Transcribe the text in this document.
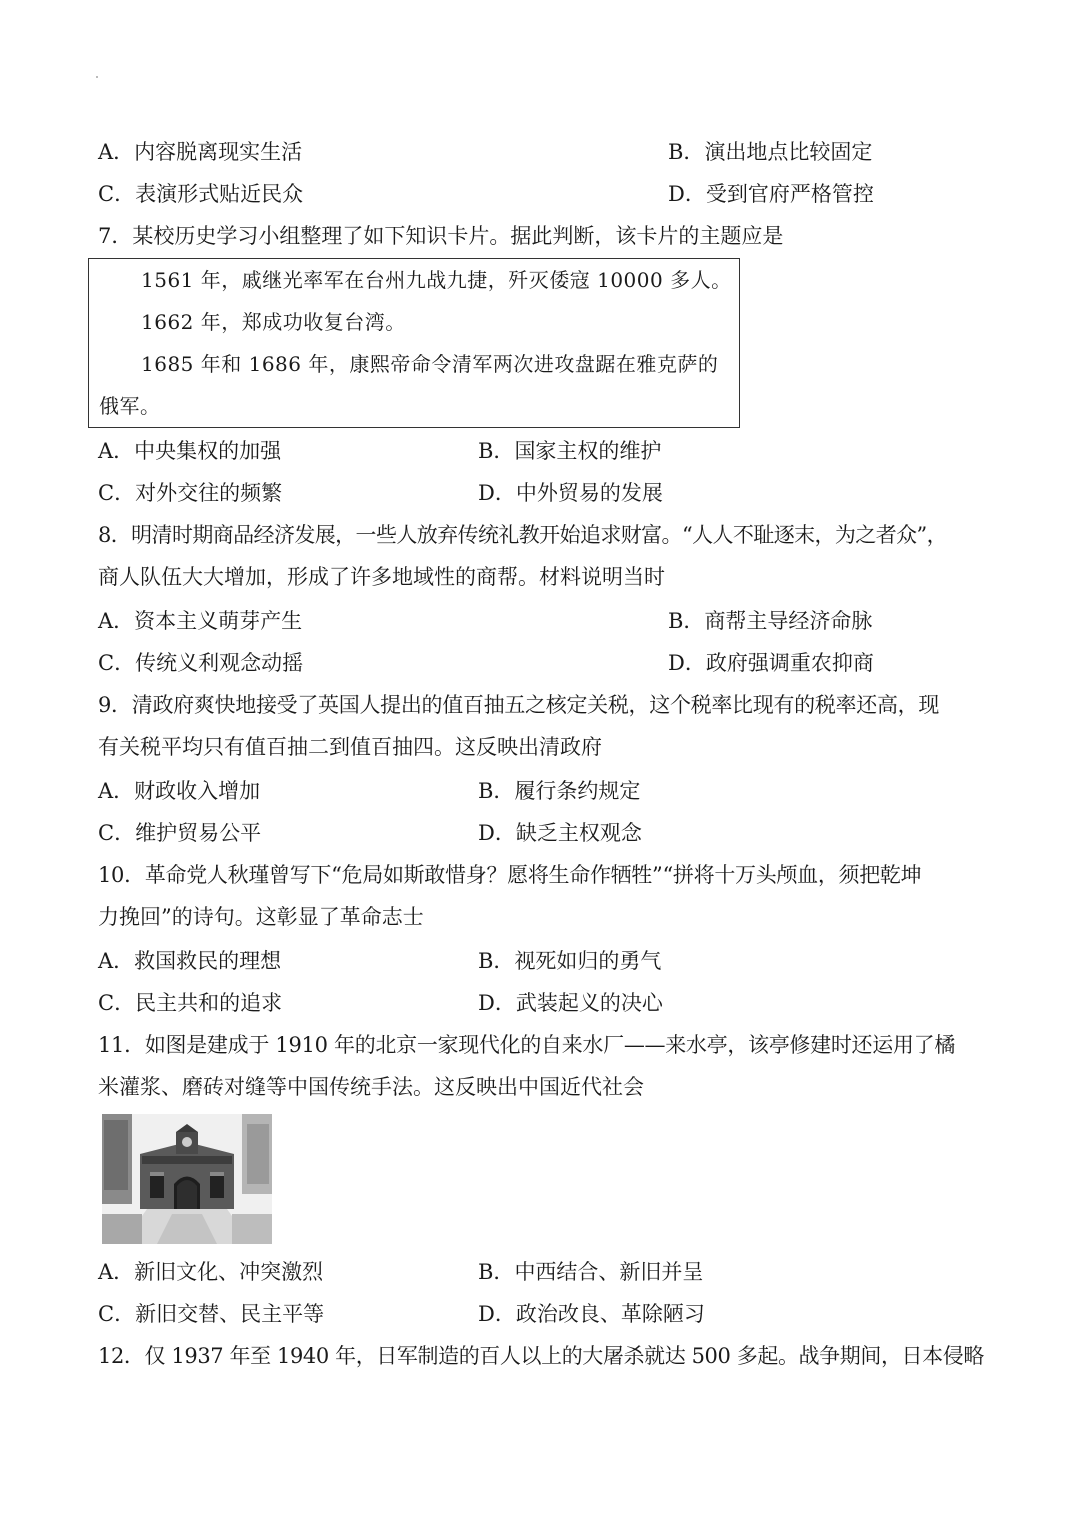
A．内容脱离现实生活	B．演出地点比较固定
C．表演形式贴近民众	D．受到官府严格管控
7．某校历史学习小组整理了如下知识卡片。据此判断，该卡片的主题应是
1561 年，戚继光率军在台州九战九捷，歼灭倭寇 10000 多人。
1662 年，郑成功收复台湾。
1685 年和 1686 年，康熙帝命令清军两次进攻盘踞在雅克萨的
俄军。
A．中央集权的加强	B．国家主权的维护
C．对外交往的频繁	D．中外贸易的发展
8．明清时期商品经济发展，一些人放弃传统礼教开始追求财富。“人人不耻逐末，为之者众”，
商人队伍大大增加，形成了许多地域性的商帮。材料说明当时
A．资本主义萌芽产生	B．商帮主导经济命脉
C．传统义利观念动摇	D．政府强调重农抑商
9．清政府爽快地接受了英国人提出的值百抽五之核定关税，这个税率比现有的税率还高，现
有关税平均只有值百抽二到值百抽四。这反映出清政府
A．财政收入增加	B．履行条约规定
C．维护贸易公平	D．缺乏主权观念
10．革命党人秋瑾曾写下“危局如斯敢惜身？愿将生命作牺牲”“拼将十万头颅血，须把乾坤
力挽回”的诗句。这彰显了革命志士
A．救国救民的理想	B．视死如归的勇气
C．民主共和的追求	D．武装起义的决心
11．如图是建成于 1910 年的北京一家现代化的自来水厂——来水亭，该亭修建时还运用了橘
米灌浆、磨砖对缝等中国传统手法。这反映出中国近代社会
A．新旧文化、冲突激烈	B．中西结合、新旧并呈
C．新旧交替、民主平等	D．政治改良、革除陋习
12．仅 1937 年至 1940 年，日军制造的百人以上的大屠杀就达 500 多起。战争期间，日本侵略
